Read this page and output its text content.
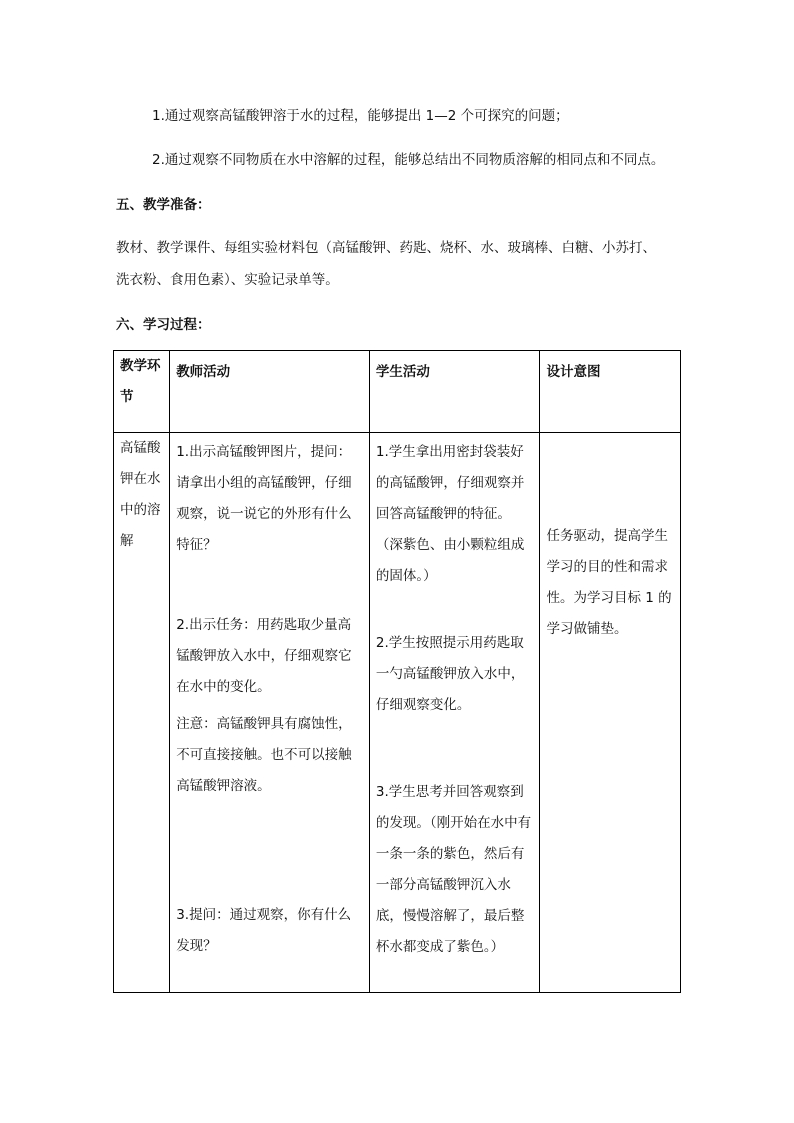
1.通过观察高锰酸钾溶于水的过程，能够提出 1—2 个可探究的问题；
2.通过观察不同物质在水中溶解的过程，能够总结出不同物质溶解的相同点和不同点。
五、教学准备：
教材、教学课件、每组实验材料包（高锰酸钾、药匙、烧杯、水、玻璃棒、白糖、小苏打、
洗衣粉、食用色素）、实验记录单等。
六、学习过程：
教学环节	教师活动	学生活动	设计意图
高锰酸钾在水中的溶解	1.出示高锰酸钾图片，提问：请拿出小组的高锰酸钾，仔细观察，说一说它的外形有什么特征？
2.出示任务：用药匙取少量高锰酸钾放入水中，仔细观察它在水中的变化。
注意：高锰酸钾具有腐蚀性，不可直接接触。也不可以接触高锰酸钾溶液。
3.提问：通过观察，你有什么发现？	1.学生拿出用密封袋装好的高锰酸钾，仔细观察并回答高锰酸钾的特征。
（深紫色、由小颗粒组成的固体。）
2.学生按照提示用药匙取一勺高锰酸钾放入水中，仔细观察变化。
3.学生思考并回答观察到的发现。（刚开始在水中有一条一条的紫色，然后有一部分高锰酸钾沉入水底，慢慢溶解了，最后整杯水都变成了紫色。）	任务驱动，提高学生学习的目的性和需求性。为学习目标 1 的学习做铺垫。
